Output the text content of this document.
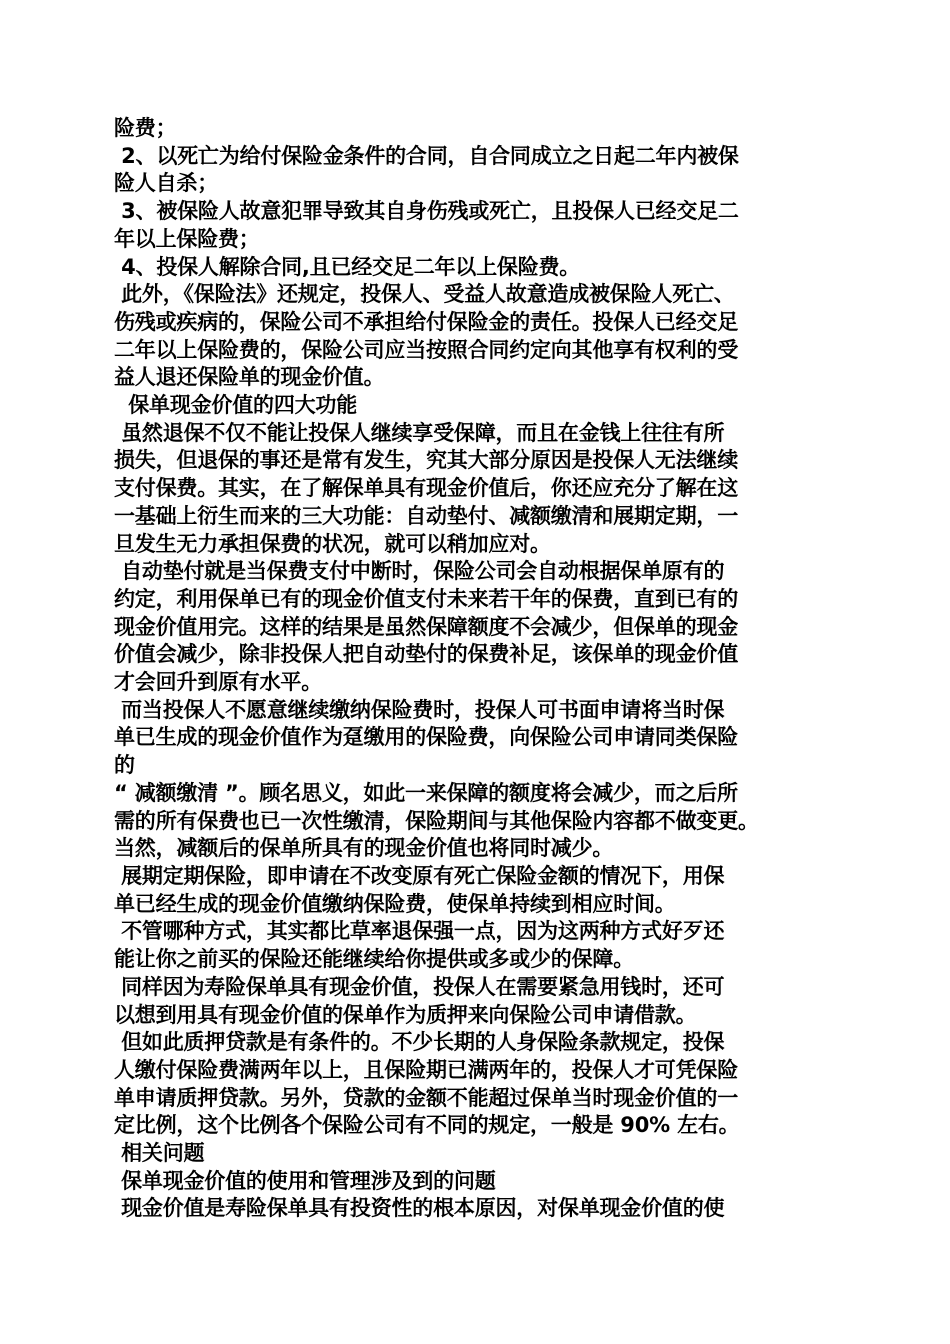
险费；
2、以死亡为给付保险金条件的合同，自合同成立之日起二年内被保
险人自杀；
3、被保险人故意犯罪导致其自身伤残或死亡，且投保人已经交足二
年以上保险费；
4、投保人解除合同,且已经交足二年以上保险费。
此外，《保险法》还规定，投保人、受益人故意造成被保险人死亡、
伤残或疾病的，保险公司不承担给付保险金的责任。投保人已经交足
二年以上保险费的，保险公司应当按照合同约定向其他享有权利的受
益人退还保险单的现金价值。
保单现金价值的四大功能
虽然退保不仅不能让投保人继续享受保障，而且在金钱上往往有所
损失，但退保的事还是常有发生，究其大部分原因是投保人无法继续
支付保费。其实，在了解保单具有现金价值后，你还应充分了解在这
一基础上衍生而来的三大功能：自动垫付、减额缴清和展期定期，一
旦发生无力承担保费的状况，就可以稍加应对。
自动垫付就是当保费支付中断时，保险公司会自动根据保单原有的
约定，利用保单已有的现金价值支付未来若干年的保费，直到已有的
现金价值用完。这样的结果是虽然保障额度不会减少，但保单的现金
价值会减少，除非投保人把自动垫付的保费补足，该保单的现金价值
才会回升到原有水平。
而当投保人不愿意继续缴纳保险费时，投保人可书面申请将当时保
单已生成的现金价值作为趸缴用的保险费，向保险公司申请同类保险
的
“ 减额缴清 ”。顾名思义，如此一来保障的额度将会减少，而之后所
需的所有保费也已一次性缴清，保险期间与其他保险内容都不做变更。
当然，减额后的保单所具有的现金价值也将同时减少。
展期定期保险，即申请在不改变原有死亡保险金额的情况下，用保
单已经生成的现金价值缴纳保险费，使保单持续到相应时间。
不管哪种方式，其实都比草率退保强一点，因为这两种方式好歹还
能让你之前买的保险还能继续给你提供或多或少的保障。
同样因为寿险保单具有现金价值，投保人在需要紧急用钱时，还可
以想到用具有现金价值的保单作为质押来向保险公司申请借款。
但如此质押贷款是有条件的。不少长期的人身保险条款规定，投保
人缴付保险费满两年以上，且保险期已满两年的，投保人才可凭保险
单申请质押贷款。另外，贷款的金额不能超过保单当时现金价值的一
定比例，这个比例各个保险公司有不同的规定，一般是 90% 左右。
相关问题
保单现金价值的使用和管理涉及到的问题
现金价值是寿险保单具有投资性的根本原因，对保单现金价值的使
